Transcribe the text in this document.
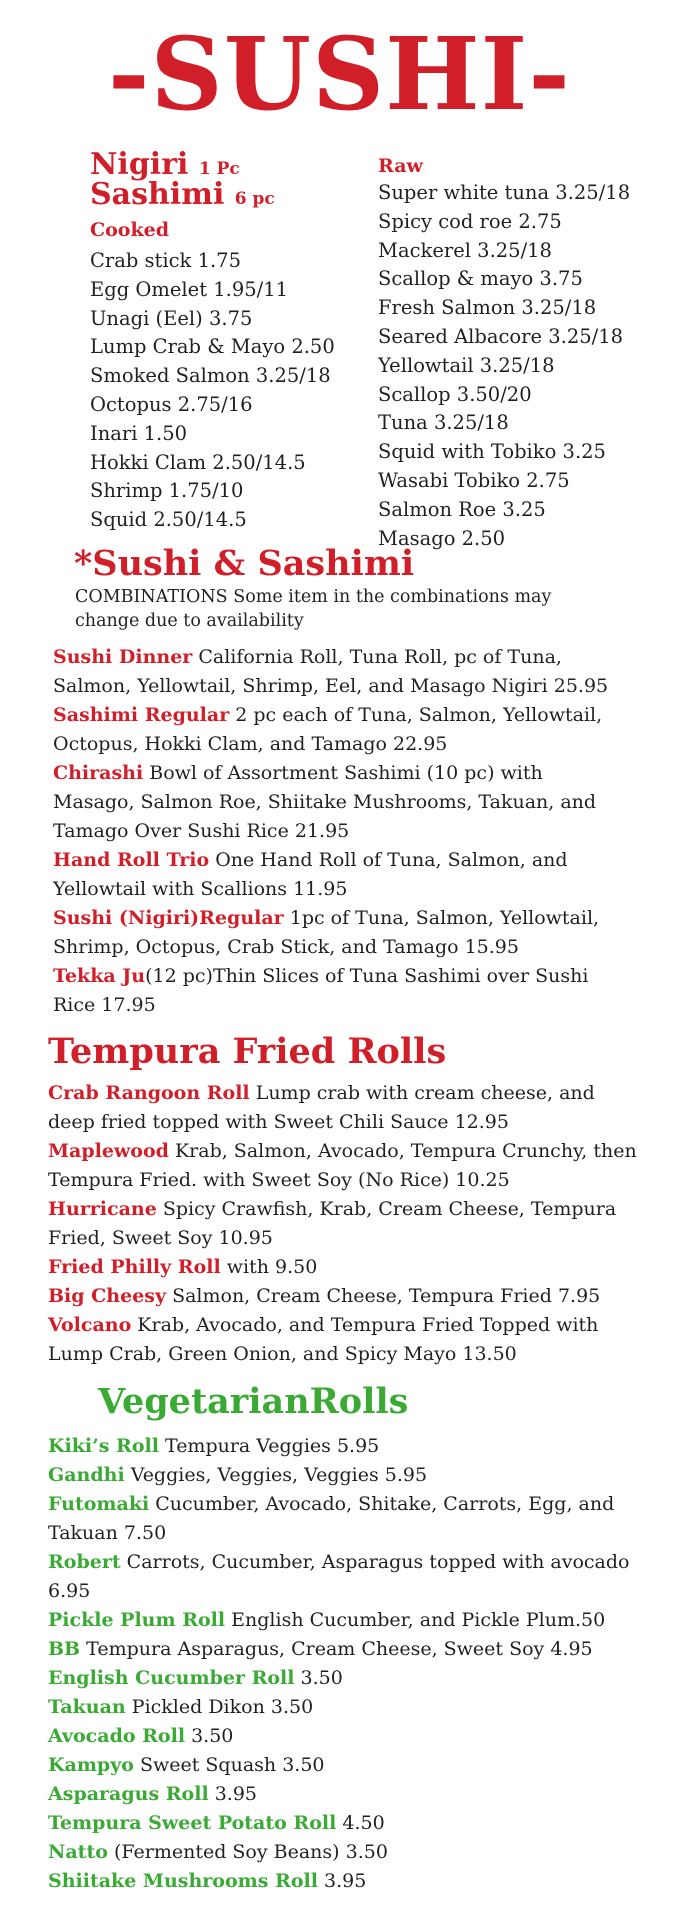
-SUSHI-
Nigiri 1 Pc
Sashimi 6 pc
Cooked
Crab stick 1.75
Egg Omelet 1.95/11
Unagi (Eel) 3.75
Lump Crab & Mayo 2.50
Smoked Salmon 3.25/18
Octopus 2.75/16
Inari 1.50
Hokki Clam 2.50/14.5
Shrimp 1.75/10
Squid 2.50/14.5
Raw
Super white tuna 3.25/18
Spicy cod roe 2.75
Mackerel 3.25/18
Scallop & mayo 3.75
Fresh Salmon 3.25/18
Seared Albacore 3.25/18
Yellowtail 3.25/18
Scallop 3.50/20
Tuna 3.25/18
Squid with Tobiko 3.25
Wasabi Tobiko 2.75
Salmon Roe 3.25
Masago 2.50
*Sushi & Sashimi
COMBINATIONS Some item in the combinations may change due to availability

Sushi Dinner California Roll, Tuna Roll, pc of Tuna, Salmon, Yellowtail, Shrimp, Eel, and Masago Nigiri 25.95

Sashimi Regular 2 pc each of Tuna, Salmon, Yellowtail, Octopus, Hokki Clam, and Tamago 22.95

Chirashi Bowl of Assortment Sashimi (10 pc) with Masago, Salmon Roe, Shiitake Mushrooms, Takuan, and Tamago Over Sushi Rice 21.95

Hand Roll Trio One Hand Roll of Tuna, Salmon, and Yellowtail with Scallions 11.95

Sushi (Nigiri)Regular 1pc of Tuna, Salmon, Yellowtail, Shrimp, Octopus, Crab Stick, and Tamago 15.95

Tekka Ju(12 pc)Thin Slices of Tuna Sashimi over Sushi Rice 17.95

Tempura Fried Rolls

Crab Rangoon Roll Lump crab with cream cheese, and deep fried topped with Sweet Chili Sauce 12.95

Maplewood Krab, Salmon, Avocado, Tempura Crunchy, then Tempura Fried. with Sweet Soy (No Rice) 10.25

Hurricane Spicy Crawfish, Krab, Cream Cheese, Tempura Fried, Sweet Soy 10.95

Fried Philly Roll with 9.50

Big Cheesy Salmon, Cream Cheese, Tempura Fried 7.95

Volcano Krab, Avocado, and Tempura Fried Topped with Lump Crab, Green Onion, and Spicy Mayo 13.50

VegetarianRolls

Kiki’s Roll Tempura Veggies 5.95

Gandhi Veggies, Veggies, Veggies 5.95

Futomaki Cucumber, Avocado, Shitake, Carrots, Egg, and Takuan 7.50

Robert Carrots, Cucumber, Asparagus topped with avocado 6.95

Pickle Plum Roll English Cucumber, and Pickle Plum.50

BB Tempura Asparagus, Cream Cheese, Sweet Soy 4.95

English Cucumber Roll 3.50

Takuan Pickled Dikon 3.50

Avocado Roll 3.50

Kampyo Sweet Squash 3.50

Asparagus Roll 3.95

Tempura Sweet Potato Roll 4.50

Natto (Fermented Soy Beans) 3.50

Shiitake Mushrooms Roll 3.95
